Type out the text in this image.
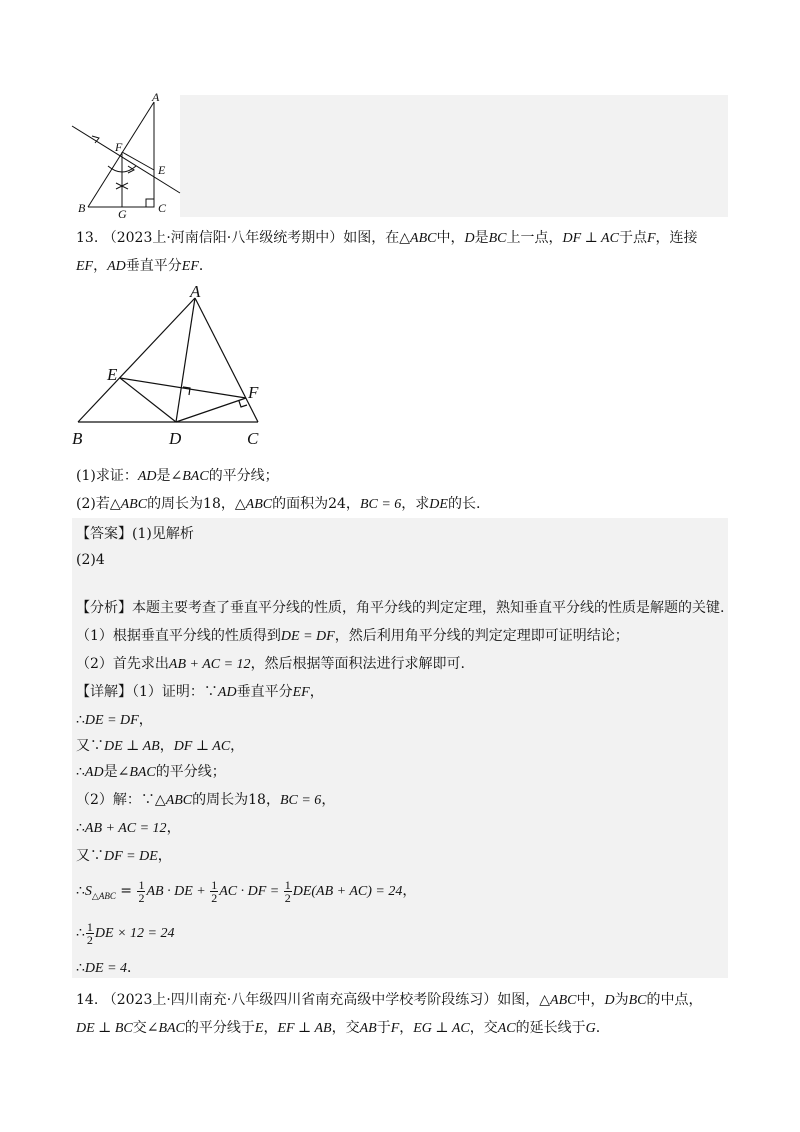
A
F
E
B	G	C
13. （2023上·河南信阳·八年级统考期中）如图，在△ABC中，D是BC上一点，DF ⊥ AC于点F，连接
EF，AD垂直平分EF．
A
E
F
B	D	C
(1)求证：AD是∠BAC的平分线；
(2)若△ABC的周长为18，△ABC的面积为24，BC = 6，求DE的长.
【答案】(1)见解析
(2)4
【分析】本题主要考查了垂直平分线的性质，角平分线的判定定理，熟知垂直平分线的性质是解题的关键.
（1）根据垂直平分线的性质得到DE = DF，然后利用角平分线的判定定理即可证明结论；
（2）首先求出AB + AC = 12，然后根据等面积法进行求解即可.
【详解】（1）证明：∵AD垂直平分EF，
∴DE = DF，
又∵DE ⊥ AB，DF ⊥ AC，
∴AD是∠BAC的平分线；
（2）解：∵△ABC的周长为18，BC = 6，
∴AB + AC = 12，
又∵DF = DE，
$\therefore S_{\triangle ABC} = \frac{1}{2}$ AB · DE + $\frac{1}{2}$ AC · DF = $\frac{1}{2} DE(AB + AC) = 24$，
∴ $\frac{1}{2}$ DE × 12 = 24
∴DE = 4．
14. （2023上·四川南充·八年级四川省南充高级中学校考阶段练习）如图，△ABC中，D为BC的中点，
DE ⊥ BC交∠BAC的平分线于E，EF ⊥ AB，交AB于F，EG ⊥ AC，交AC的延长线于G.
